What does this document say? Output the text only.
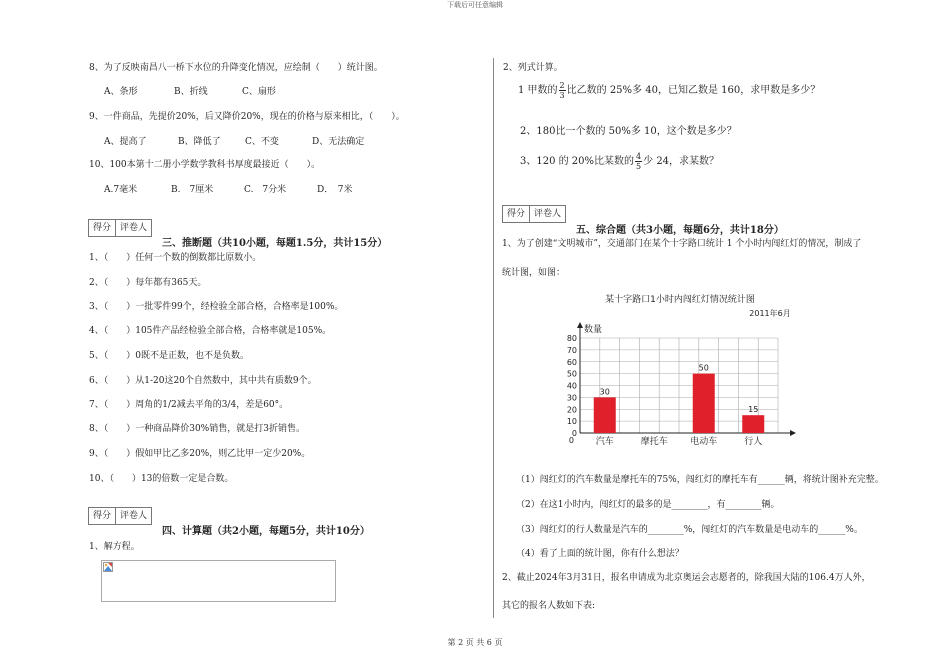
下载后可任意编辑
8、为了反映南昌八一桥下水位的升降变化情况，应绘制（　　）统计图。
A、条形	B、折线	C、扇形
9、一件商品，先提价20%，后又降价20%，现在的价格与原来相比，（　　）。
A、提高了	B、降低了	C、不变	D、无法确定
10、100本第十二册小学数学教科书厚度最接近（　　）。
A.7毫米	B.　7厘米	C.　7分米	D．　7米
得分	评卷人
三、推断题（共10小题，每题1.5分，共计15分）
1、（　　）任何一个数的倒数都比原数小。
2、（　　）每年都有365天。
3、（　　）一批零件99个，经检验全部合格，合格率是100%。
4、（　　）105件产品经检验全部合格，合格率就是105%。
5、（　　）0既不是正数，也不是负数。
6、（　　）从1-20这20个自然数中，其中共有质数9个。
7、（　　）周角的1/2减去平角的3/4，差是60°。
8、（　　）一种商品降价30%销售，就是打3折销售。
9、（　　）假如甲比乙多20%，则乙比甲一定少20%。
10、（　　）13的倍数一定是合数。
得分	评卷人
四、计算题（共2小题，每题5分，共计10分）
1、解方程。
2、列式计算。
1 甲数的 $\frac{2}{3}$ 比乙数的 25%多 40，已知乙数是 160，求甲数是多少？
2、180比一个数的 50%多 10，这个数是多少？
3、120 的 20%比某数的 $\frac{4}{5}$ 少 24，求某数？
得分	评卷人
五、综合题（共3小题，每题6分，共计18分）
1、为了创建“文明城市”，交通部门在某个十字路口统计 1 个小时内闯红灯的情况，制成了
统计图，如图：
某十字路口1小时内闯红灯情况统计图
2011年6月
0
10
20
30
40
50
60
70
80
数量
30
汽车	摩托车
50
电动车
15
行人
0
（1）闯红灯的汽车数量是摩托车的75%，闯红灯的摩托车有______辆，将统计图补充完整。
（2）在这1小时内，闯红灯的最多的是________，有________辆。
（3）闯红灯的行人数量是汽车的________%，闯红灯的汽车数量是电动车的______%。
（4）看了上面的统计图，你有什么想法？
2、截止2024年3月31日，报名申请成为北京奥运会志愿者的，除我国大陆的106.4万人外，
其它的报名人数如下表:
第 2 页 共 6 页
